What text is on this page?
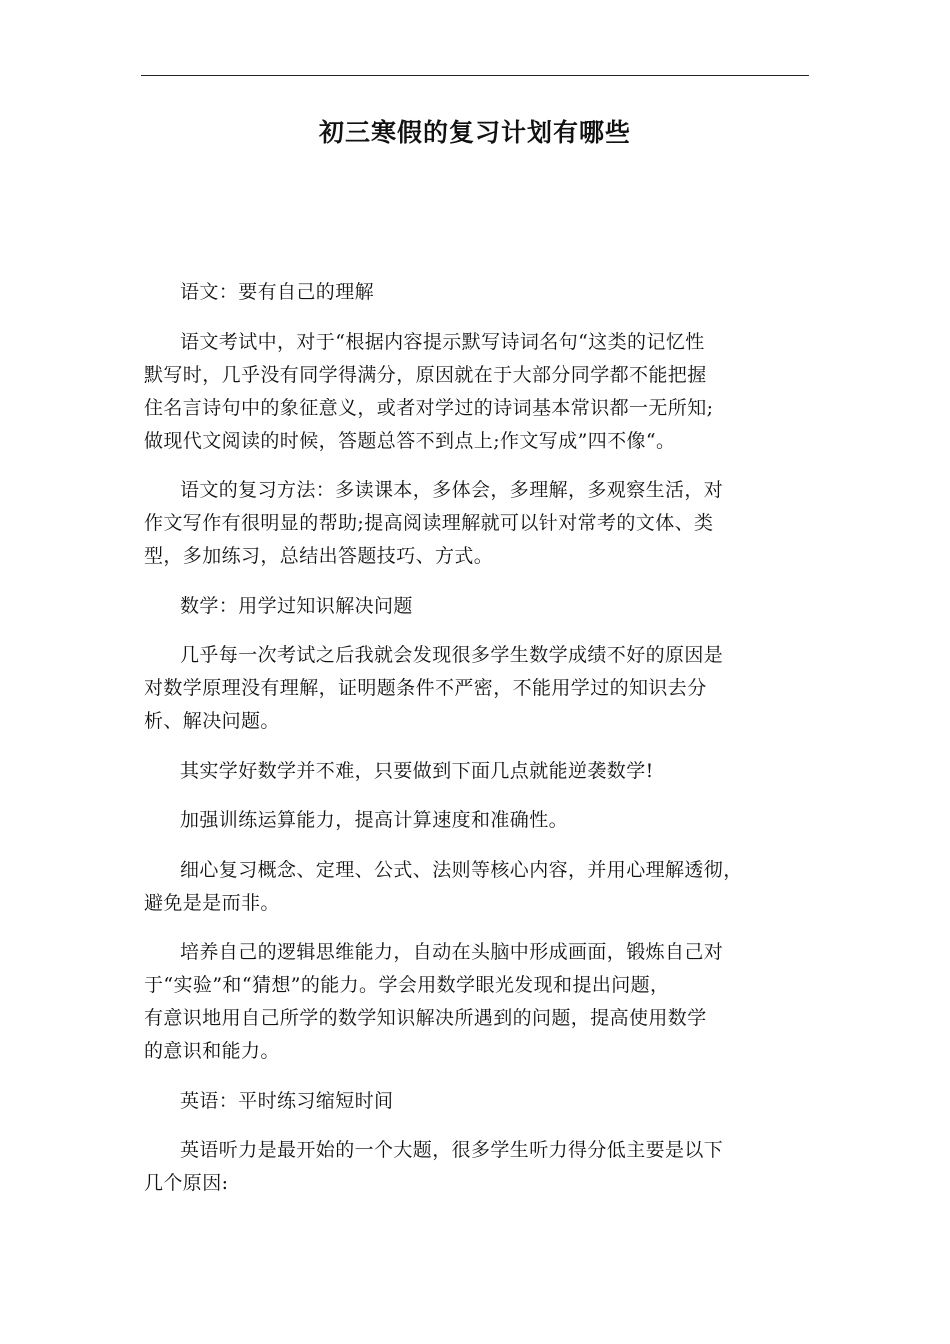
初三寒假的复习计划有哪些

语文：要有自己的理解

语文考试中，对于“根据内容提示默写诗词名句“这类的记忆性
默写时，几乎没有同学得满分，原因就在于大部分同学都不能把握
住名言诗句中的象征意义，或者对学过的诗词基本常识都一无所知;
做现代文阅读的时候，答题总答不到点上;作文写成”四不像“。

语文的复习方法：多读课本，多体会，多理解，多观察生活，对
作文写作有很明显的帮助;提高阅读理解就可以针对常考的文体、类
型，多加练习，总结出答题技巧、方式。

数学：用学过知识解决问题

几乎每一次考试之后我就会发现很多学生数学成绩不好的原因是
对数学原理没有理解，证明题条件不严密，不能用学过的知识去分
析、解决问题。

其实学好数学并不难，只要做到下面几点就能逆袭数学!

加强训练运算能力，提高计算速度和准确性。

细心复习概念、定理、公式、法则等核心内容，并用心理解透彻，
避免是是而非。

培养自己的逻辑思维能力，自动在头脑中形成画面，锻炼自己对
于“实验”和“猜想”的能力。学会用数学眼光发现和提出问题，
有意识地用自己所学的数学知识解决所遇到的问题，提高使用数学
的意识和能力。

英语：平时练习缩短时间

英语听力是最开始的一个大题，很多学生听力得分低主要是以下
几个原因:
